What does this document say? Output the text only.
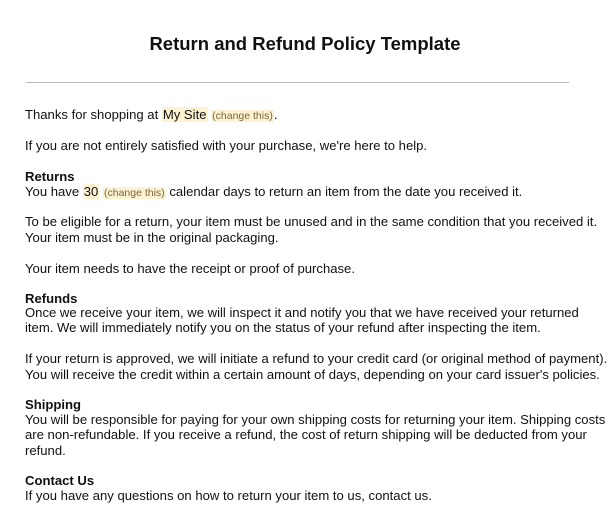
Return and Refund Policy Template

Thanks for shopping at My Site (change this).

If you are not entirely satisfied with your purchase, we're here to help.

Returns

You have 30 (change this) calendar days to return an item from the date you received it.

To be eligible for a return, your item must be unused and in the same condition that you received it.

Your item must be in the original packaging.

Your item needs to have the receipt or proof of purchase.

Refunds

Once we receive your item, we will inspect it and notify you that we have received your returned

item. We will immediately notify you on the status of your refund after inspecting the item.

If your return is approved, we will initiate a refund to your credit card (or original method of payment).

You will receive the credit within a certain amount of days, depending on your card issuer's policies.

Shipping

You will be responsible for paying for your own shipping costs for returning your item. Shipping costs

are non-refundable. If you receive a refund, the cost of return shipping will be deducted from your

refund.

Contact Us

If you have any questions on how to return your item to us, contact us.
